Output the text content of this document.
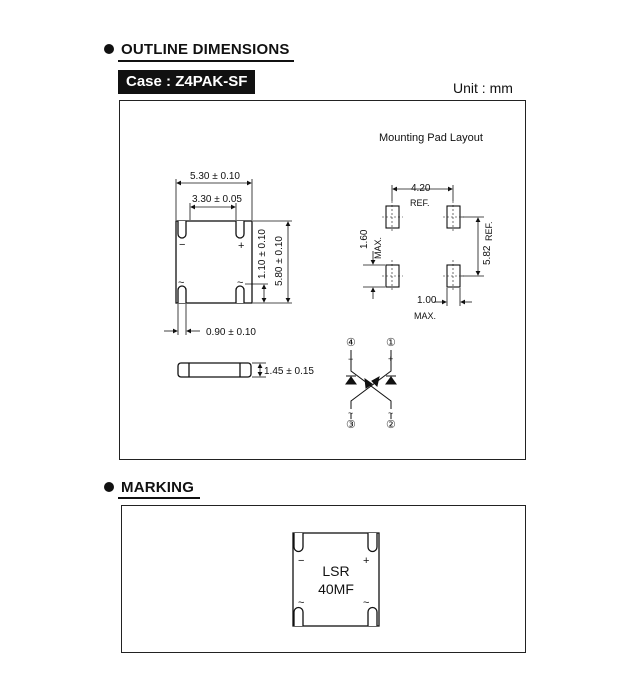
OUTLINE DIMENSIONS
Case : Z4PAK-SF	Unit : mm
Mounting Pad Layout
−	+
~	~
5.30 ± 0.10
3.30 ± 0.05
0.90 ± 0.10
1.10 ± 0.10 5.80 ± 0.10
1.45 ± 0.15
4.20
REF.
1.60 MAX.	5.82
REF.
1.00
MAX.
④	①
③	②
−	+
~	~
MARKING
−	+
~	~
LSR
40MF
